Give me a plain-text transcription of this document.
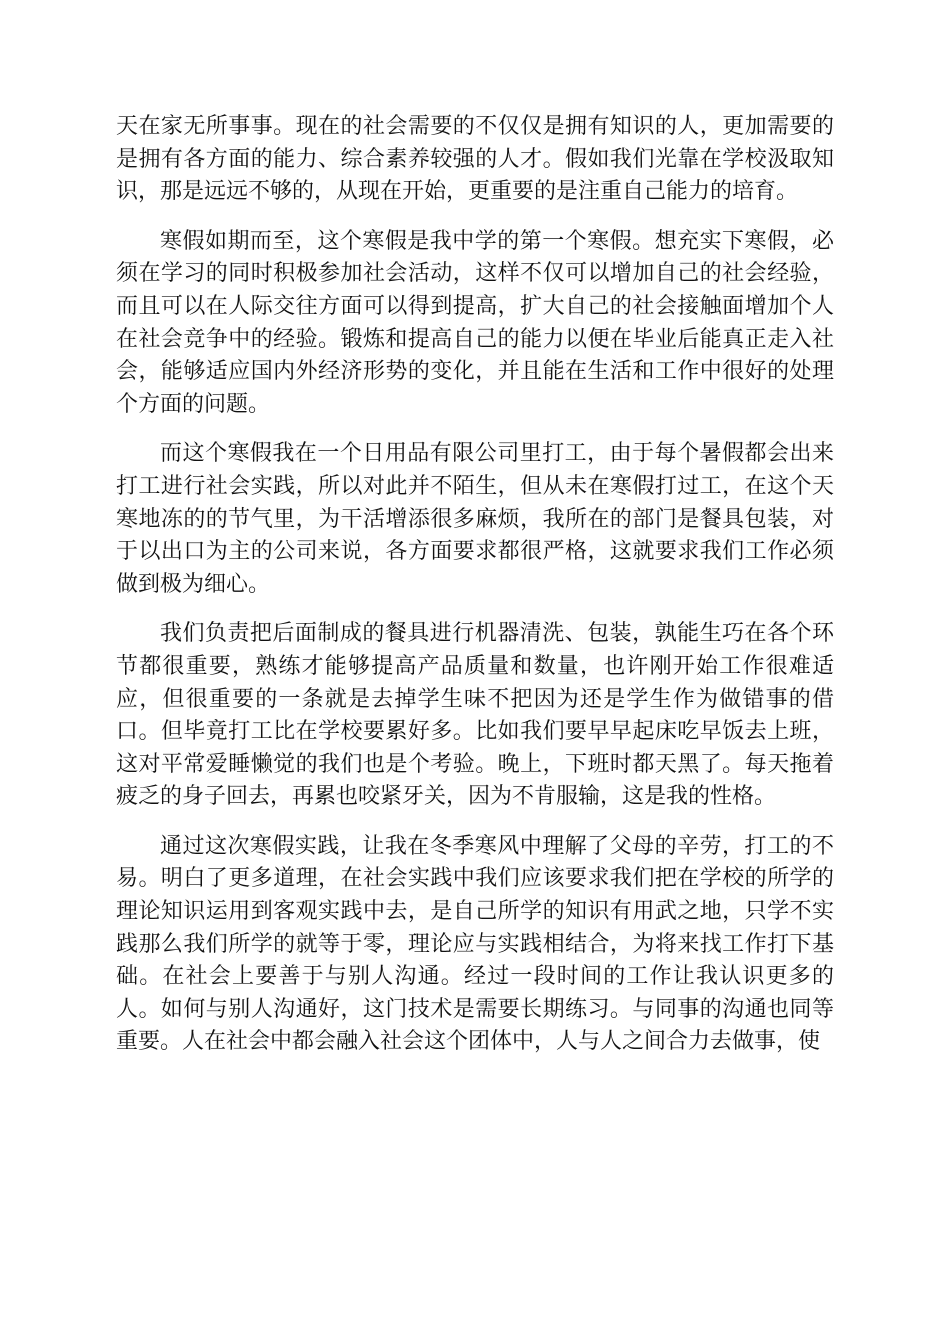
天在家无所事事。现在的社会需要的不仅仅是拥有知识的人，更加需要的是拥有各方面的能力、综合素养较强的人才。假如我们光靠在学校汲取知识，那是远远不够的，从现在开始，更重要的是注重自己能力的培育。

寒假如期而至，这个寒假是我中学的第一个寒假。想充实下寒假，必须在学习的同时积极参加社会活动，这样不仅可以增加自己的社会经验，而且可以在人际交往方面可以得到提高，扩大自己的社会接触面增加个人在社会竞争中的经验。锻炼和提高自己的能力以便在毕业后能真正走入社会，能够适应国内外经济形势的变化，并且能在生活和工作中很好的处理个方面的问题。

而这个寒假我在一个日用品有限公司里打工，由于每个暑假都会出来打工进行社会实践，所以对此并不陌生，但从未在寒假打过工，在这个天寒地冻的的节气里，为干活增添很多麻烦，我所在的部门是餐具包装，对于以出口为主的公司来说，各方面要求都很严格，这就要求我们工作必须做到极为细心。

我们负责把后面制成的餐具进行机器清洗、包装，孰能生巧在各个环节都很重要，熟练才能够提高产品质量和数量，也许刚开始工作很难适应，但很重要的一条就是去掉学生味不把因为还是学生作为做错事的借口。但毕竟打工比在学校要累好多。比如我们要早早起床吃早饭去上班，这对平常爱睡懒觉的我们也是个考验。晚上，下班时都天黑了。每天拖着疲乏的身子回去，再累也咬紧牙关，因为不肯服输，这是我的性格。

通过这次寒假实践，让我在冬季寒风中理解了父母的辛劳，打工的不易。明白了更多道理，在社会实践中我们应该要求我们把在学校的所学的理论知识运用到客观实践中去，是自己所学的知识有用武之地，只学不实践那么我们所学的就等于零，理论应与实践相结合，为将来找工作打下基础。在社会上要善于与别人沟通。经过一段时间的工作让我认识更多的人。如何与别人沟通好，这门技术是需要长期练习。与同事的沟通也同等重要。人在社会中都会融入社会这个团体中，人与人之间合力去做事，使
